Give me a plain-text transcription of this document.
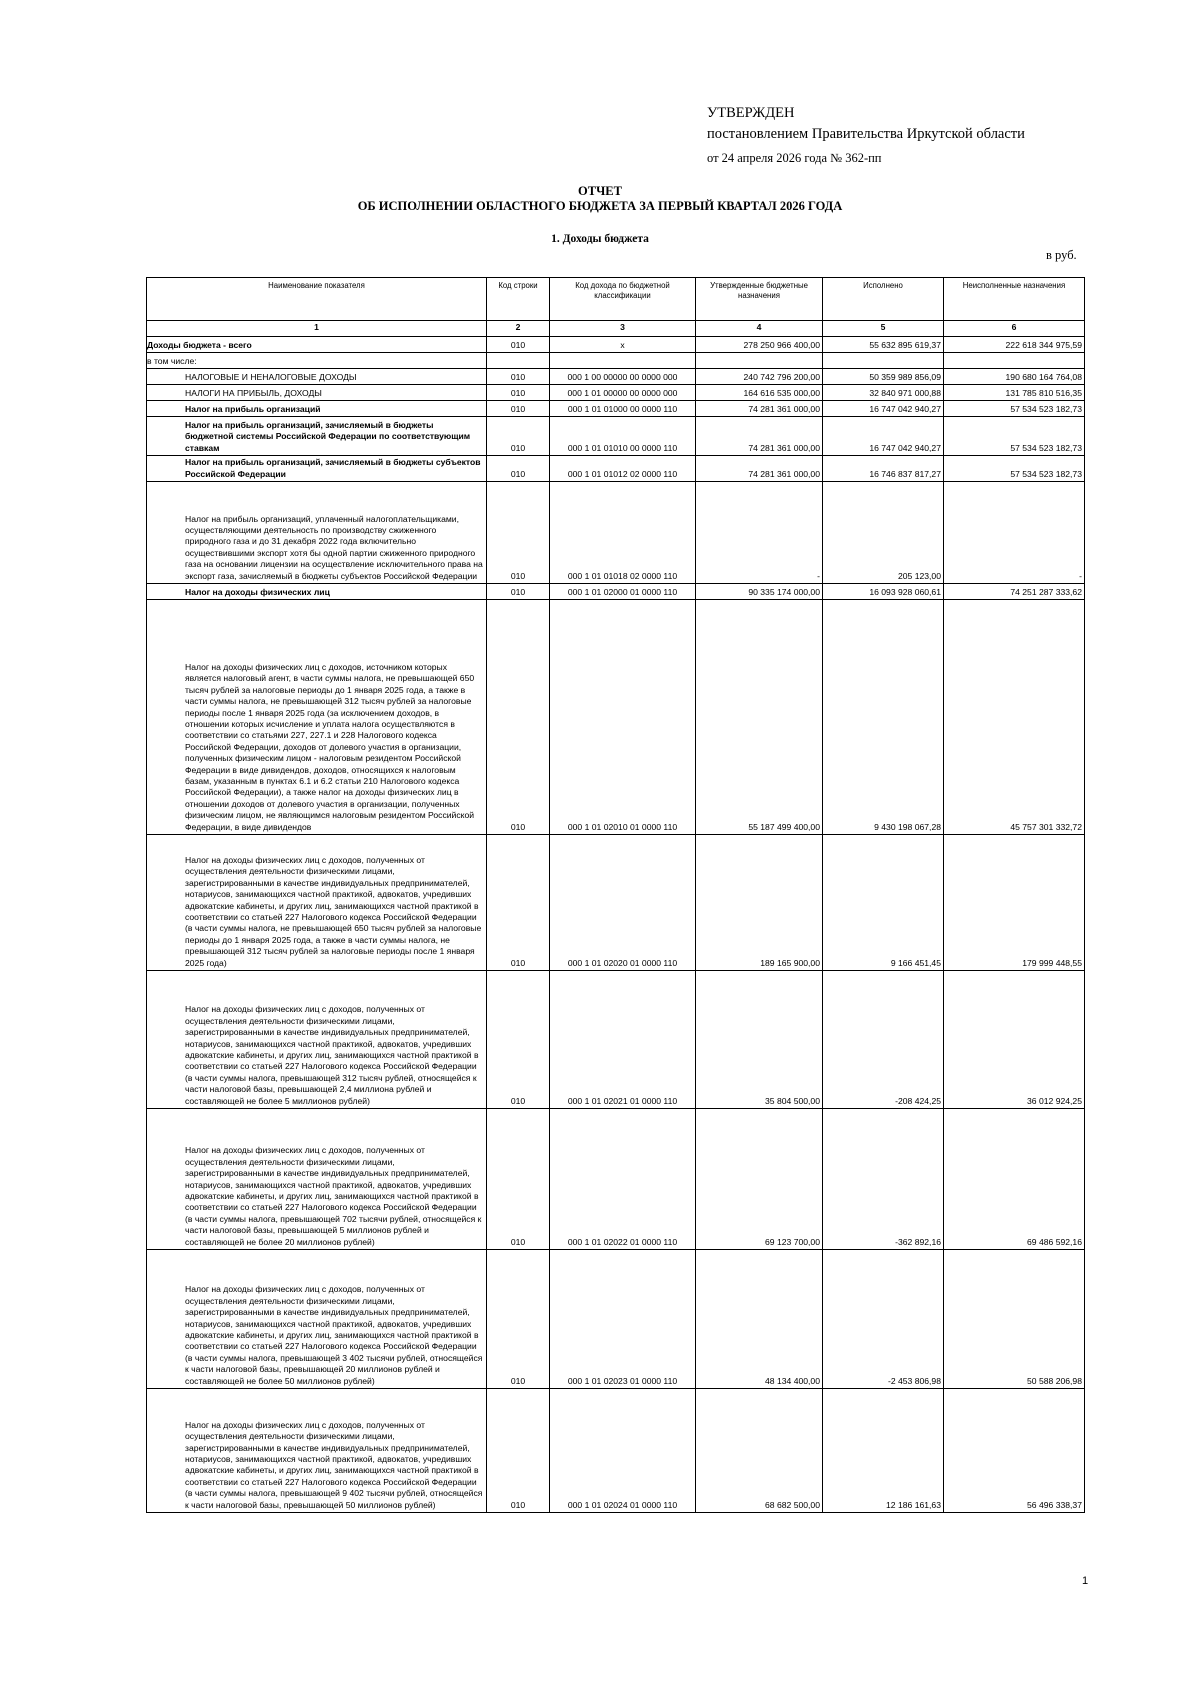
УТВЕРЖДЕН
постановлением Правительства Иркутской области
от 24 апреля 2026 года № 362-пп
ОТЧЕТ
ОБ ИСПОЛНЕНИИ ОБЛАСТНОГО БЮДЖЕТА ЗА ПЕРВЫЙ КВАРТАЛ 2026 ГОДА
1. Доходы бюджета
в руб.
Наименование показателя	Код строки	Код дохода по бюджетной классификации	Утвержденные бюджетные назначения	Исполнено	Неисполненные назначения
1	2	3	4	5	6
Доходы бюджета - всего	010	x	278 250 966 400,00	55 632 895 619,37	222 618 344 975,59
в том числе:					
НАЛОГОВЫЕ И НЕНАЛОГОВЫЕ ДОХОДЫ	010	000 1 00 00000 00 0000 000	240 742 796 200,00	50 359 989 856,09	190 680 164 764,08
НАЛОГИ НА ПРИБЫЛЬ, ДОХОДЫ	010	000 1 01 00000 00 0000 000	164 616 535 000,00	32 840 971 000,88	131 785 810 516,35
Налог на прибыль организаций	010	000 1 01 01000 00 0000 110	74 281 361 000,00	16 747 042 940,27	57 534 523 182,73
Налог на прибыль организаций, зачисляемый в бюджеты бюджетной системы Российской Федерации по соответствующим ставкам	010	000 1 01 01010 00 0000 110	74 281 361 000,00	16 747 042 940,27	57 534 523 182,73
Налог на прибыль организаций, зачисляемый в бюджеты субъектов Российской Федерации	010	000 1 01 01012 02 0000 110	74 281 361 000,00	16 746 837 817,27	57 534 523 182,73
Налог на прибыль организаций, уплаченный налогоплательщиками, осуществляющими деятельность по производству сжиженного природного газа и до 31 декабря 2022 года включительно осуществившими экспорт хотя бы одной партии сжиженного природного газа на основании лицензии на осуществление исключительного права на экспорт газа, зачисляемый в бюджеты субъектов Российской Федерации	010	000 1 01 01018 02 0000 110	-	205 123,00	-
Налог на доходы физических лиц	010	000 1 01 02000 01 0000 110	90 335 174 000,00	16 093 928 060,61	74 251 287 333,62
Налог на доходы физических лиц с доходов, источником которых является налоговый агент, в части суммы налога, не превышающей 650 тысяч рублей за налоговые периоды до 1 января 2025 года, а также в части суммы налога, не превышающей 312 тысяч рублей за налоговые периоды после 1 января 2025 года (за исключением доходов, в отношении которых исчисление и уплата налога осуществляются в соответствии со статьями 227, 227.1 и 228 Налогового кодекса Российской Федерации, доходов от долевого участия в организации, полученных физическим лицом - налоговым резидентом Российской Федерации в виде дивидендов, доходов, относящихся к налоговым базам, указанным в пунктах 6.1 и 6.2 статьи 210 Налогового кодекса Российской Федерации), а также налог на доходы физических лиц в отношении доходов от долевого участия в организации, полученных физическим лицом, не являющимся налоговым резидентом Российской Федерации, в виде дивидендов	010	000 1 01 02010 01 0000 110	55 187 499 400,00	9 430 198 067,28	45 757 301 332,72
Налог на доходы физических лиц с доходов, полученных от осуществления деятельности физическими лицами, зарегистрированными в качестве индивидуальных предпринимателей, нотариусов, занимающихся частной практикой, адвокатов, учредивших адвокатские кабинеты, и других лиц, занимающихся частной практикой в соответствии со статьей 227 Налогового кодекса Российской Федерации (в части суммы налога, не превышающей 650 тысяч рублей за налоговые периоды до 1 января 2025 года, а также в части суммы налога, не превышающей 312 тысяч рублей за налоговые периоды после 1 января 2025 года)	010	000 1 01 02020 01 0000 110	189 165 900,00	9 166 451,45	179 999 448,55
Налог на доходы физических лиц с доходов, полученных от осуществления деятельности физическими лицами, зарегистрированными в качестве индивидуальных предпринимателей, нотариусов, занимающихся частной практикой, адвокатов, учредивших адвокатские кабинеты, и других лиц, занимающихся частной практикой в соответствии со статьей 227 Налогового кодекса Российской Федерации (в части суммы налога, превышающей 312 тысяч рублей, относящейся к части налоговой базы, превышающей 2,4 миллиона рублей и составляющей не более 5 миллионов рублей)	010	000 1 01 02021 01 0000 110	35 804 500,00	-208 424,25	36 012 924,25
Налог на доходы физических лиц с доходов, полученных от осуществления деятельности физическими лицами, зарегистрированными в качестве индивидуальных предпринимателей, нотариусов, занимающихся частной практикой, адвокатов, учредивших адвокатские кабинеты, и других лиц, занимающихся частной практикой в соответствии со статьей 227 Налогового кодекса Российской Федерации (в части суммы налога, превышающей 702 тысячи рублей, относящейся к части налоговой базы, превышающей 5 миллионов рублей и составляющей не более 20 миллионов рублей)	010	000 1 01 02022 01 0000 110	69 123 700,00	-362 892,16	69 486 592,16
Налог на доходы физических лиц с доходов, полученных от осуществления деятельности физическими лицами, зарегистрированными в качестве индивидуальных предпринимателей, нотариусов, занимающихся частной практикой, адвокатов, учредивших адвокатские кабинеты, и других лиц, занимающихся частной практикой в соответствии со статьей 227 Налогового кодекса Российской Федерации (в части суммы налога, превышающей 3 402 тысячи рублей, относящейся к части налоговой базы, превышающей 20 миллионов рублей и составляющей не более 50 миллионов рублей)	010	000 1 01 02023 01 0000 110	48 134 400,00	-2 453 806,98	50 588 206,98
Налог на доходы физических лиц с доходов, полученных от осуществления деятельности физическими лицами, зарегистрированными в качестве индивидуальных предпринимателей, нотариусов, занимающихся частной практикой, адвокатов, учредивших адвокатские кабинеты, и других лиц, занимающихся частной практикой в соответствии со статьей 227 Налогового кодекса Российской Федерации (в части суммы налога, превышающей 9 402 тысячи рублей, относящейся к части налоговой базы, превышающей 50 миллионов рублей)	010	000 1 01 02024 01 0000 110	68 682 500,00	12 186 161,63	56 496 338,37
1
